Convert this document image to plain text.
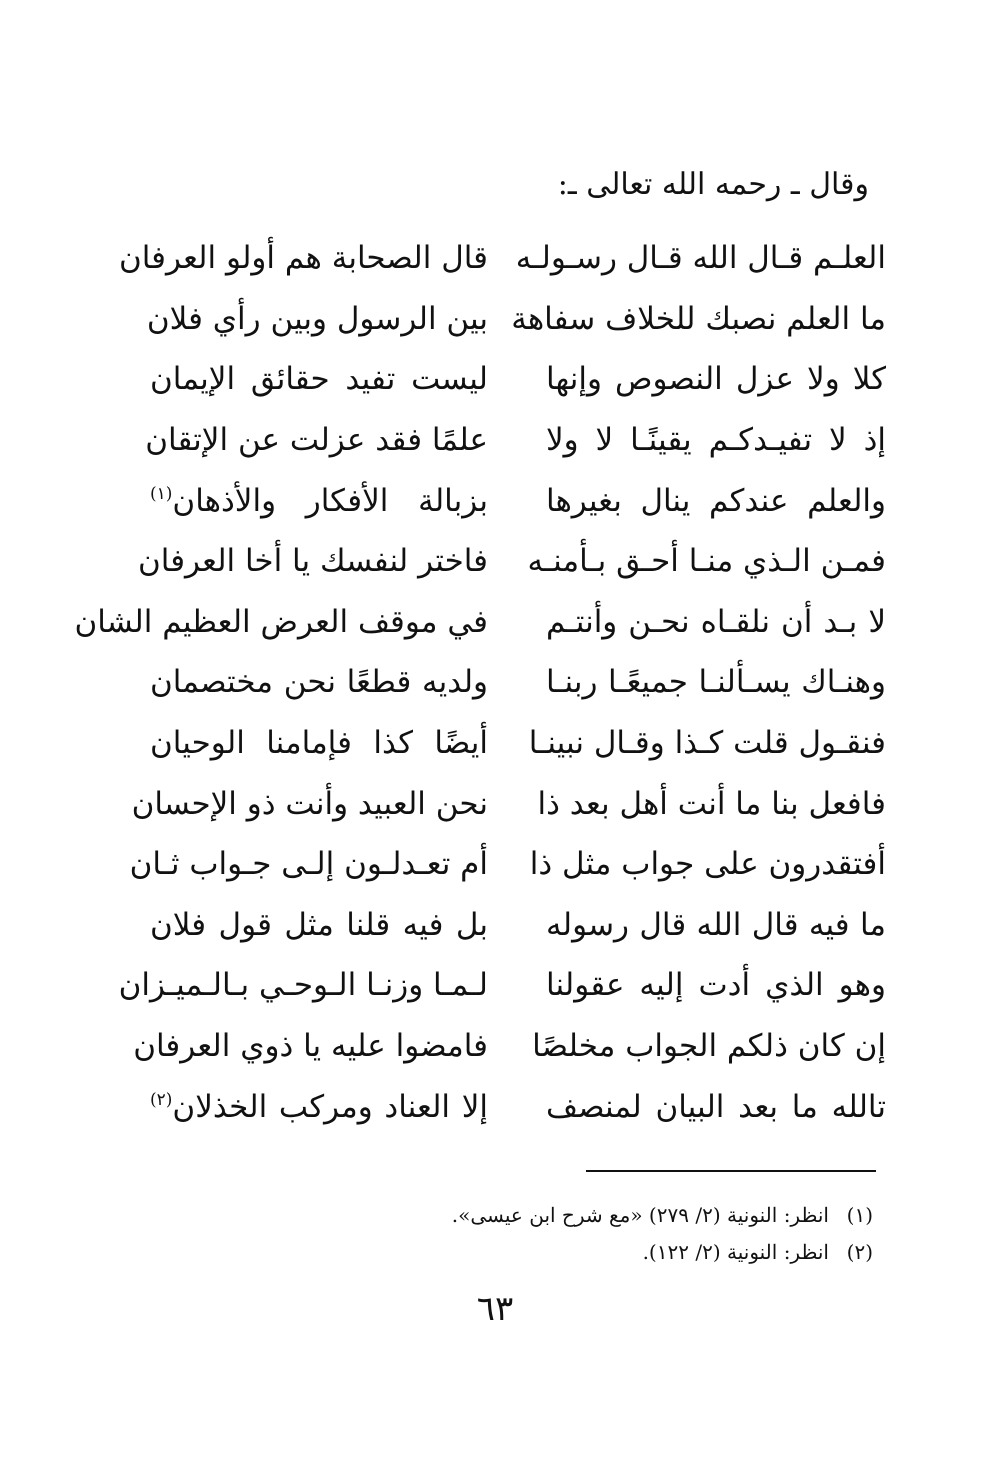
وقال ـ رحمه الله تعالى ـ:
العلـم قـال الله قـال رسـولـه
قال الصحابة هم أولو العرفان
ما العلم نصبك للخلاف سفاهة
بين الرسول وبين رأي فلان
كلا ولا عزل النصوص وإنها
ليست تفيد حقائق الإيمان
إذ لا تفيـدكـم يقينًـا لا ولا
علمًا فقد عزلت عن الإتقان
والعلم عندكم ينال بغيرها
بزبالة الأفكار والأذهان$^{(١)}$
فمـن الـذي منـا أحـق بـأمنـه
فاختر لنفسك يا أخا العرفان
لا بـد أن نلقـاه نحـن وأنتـم
في موقف العرض العظيم الشان
وهنـاك يسـألنـا جميعًـا ربنـا
ولديه قطعًا نحن مختصمان
فنقـول قلت كـذا وقـال نبينـا
أيضًا كذا فإمامنا الوحيان
فافعل بنا ما أنت أهل بعد ذا
نحن العبيد وأنت ذو الإحسان
أفتقدرون على جواب مثل ذا
أم تعـدلـون إلـى جـواب ثـان
ما فيه قال الله قال رسوله
بل فيه قلنا مثل قول فلان
وهو الذي أدت إليه عقولنا
لـمـا وزنـا الـوحـي بـالـميـزان
إن كان ذلكم الجواب مخلصًا
فامضوا عليه يا ذوي العرفان
تالله ما بعد البيان لمنصف
إلا العناد ومركب الخذلان$^{(٢)}$
(١)انظر: النونية (٢/ ٢٧٩) «مع شرح ابن عيسى».
(٢)انظر: النونية (٢/ ١٢٢).
٦٣
